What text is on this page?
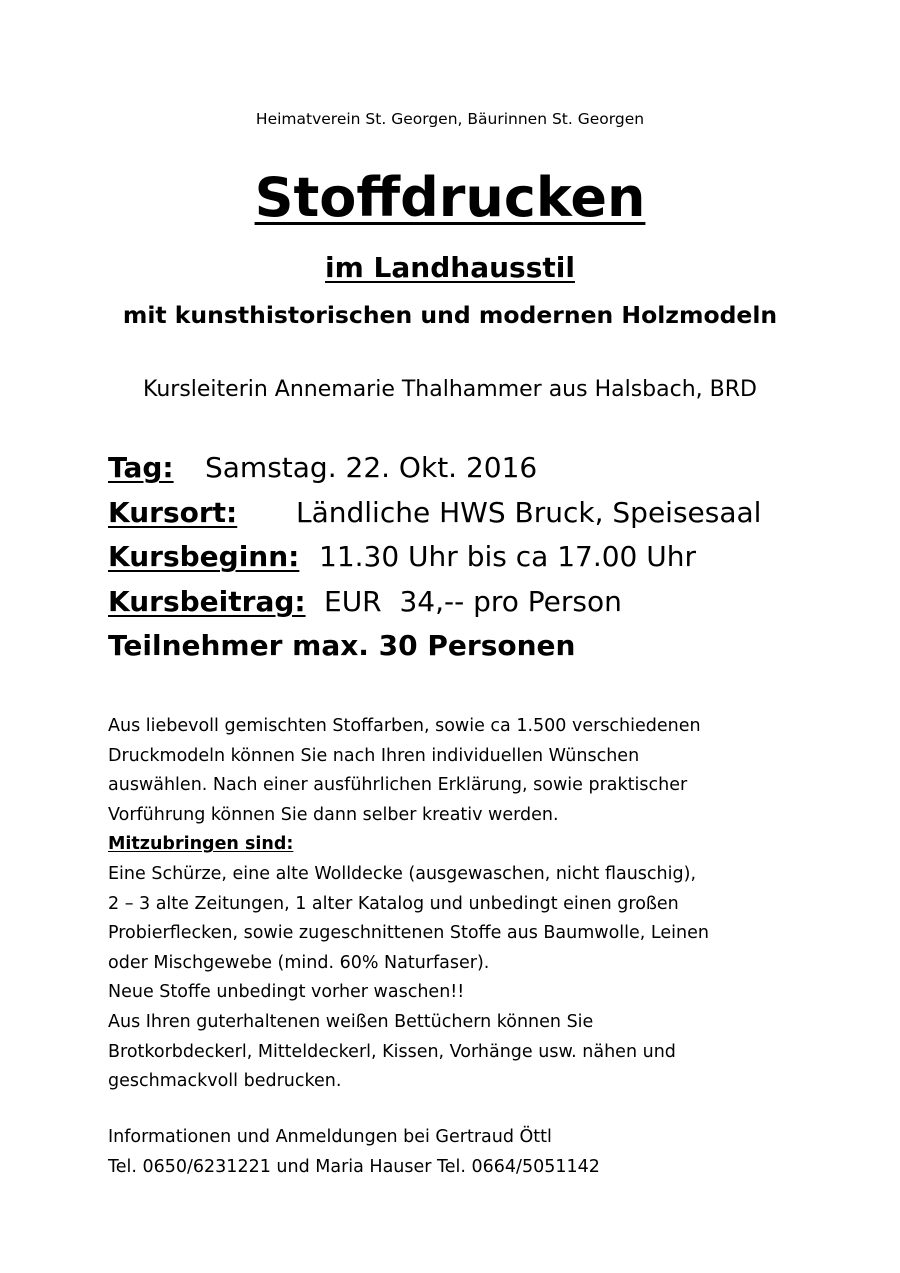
Heimatverein St. Georgen, Bäurinnen St. Georgen
Stoffdrucken
im Landhausstil
mit kunsthistorischen und modernen Holzmodeln
Kursleiterin Annemarie Thalhammer aus Halsbach, BRD
Tag: Samstag. 22. Okt. 2016
Kursort: Ländliche HWS Bruck, Speisesaal
Kursbeginn: 11.30 Uhr bis ca 17.00 Uhr
Kursbeitrag: EUR  34,-- pro Person
Teilnehmer max. 30 Personen
Aus liebevoll gemischten Stoffarben, sowie ca 1.500 verschiedenen
Druckmodeln können Sie nach Ihren individuellen Wünschen
auswählen. Nach einer ausführlichen Erklärung, sowie praktischer
Vorführung können Sie dann selber kreativ werden.
Mitzubringen sind:
Eine Schürze, eine alte Wolldecke (ausgewaschen, nicht flauschig),
2 – 3 alte Zeitungen, 1 alter Katalog und unbedingt einen großen
Probierflecken, sowie zugeschnittenen Stoffe aus Baumwolle, Leinen
oder Mischgewebe (mind. 60% Naturfaser).
Neue Stoffe unbedingt vorher waschen!!
Aus Ihren guterhaltenen weißen Bettüchern können Sie
Brotkorbdeckerl, Mitteldeckerl, Kissen, Vorhänge usw. nähen und
geschmackvoll bedrucken.
Informationen und Anmeldungen bei Gertraud Öttl
Tel. 0650/6231221 und Maria Hauser Tel. 0664/5051142
